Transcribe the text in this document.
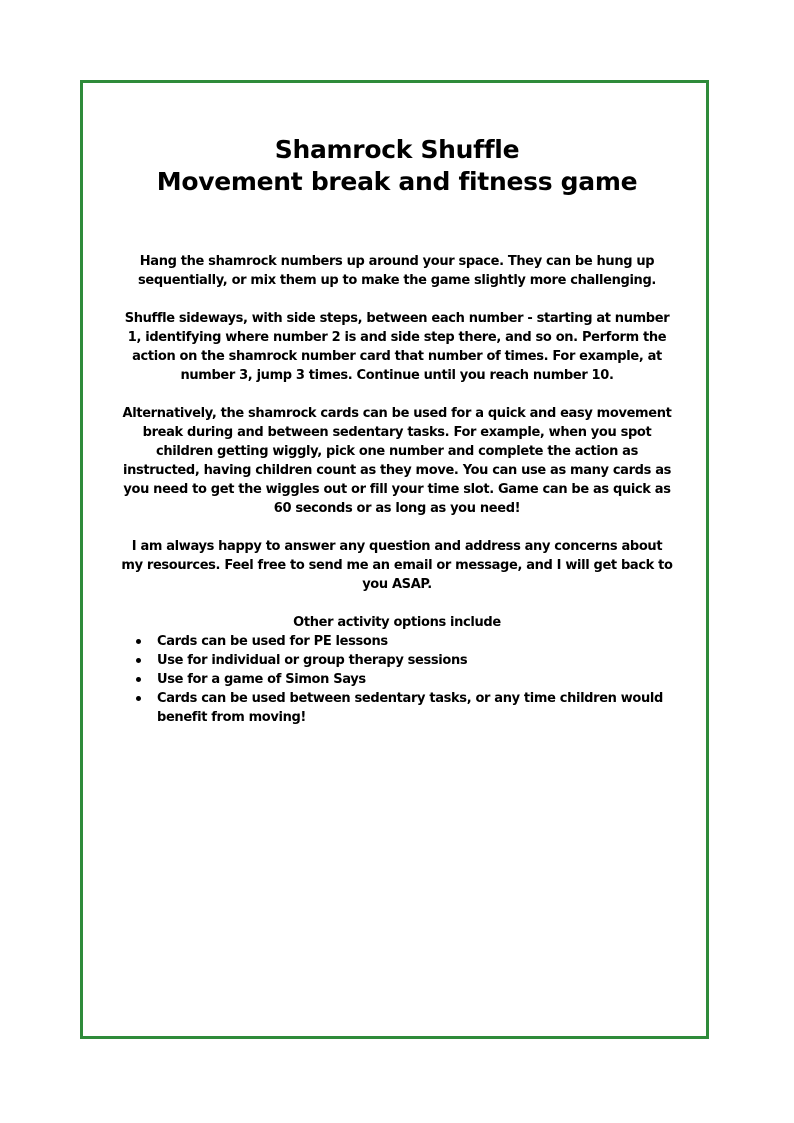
Shamrock Shuffle
Movement break and fitness game

Hang the shamrock numbers up around your space. They can be hung up sequentially, or mix them up to make the game slightly more challenging.

Shuffle sideways, with side steps, between each number - starting at number 1, identifying where number 2 is and side step there, and so on. Perform the action on the shamrock number card that number of times. For example, at number 3, jump 3 times. Continue until you reach number 10.

Alternatively, the shamrock cards can be used for a quick and easy movement break during and between sedentary tasks. For example, when you spot children getting wiggly, pick one number and complete the action as instructed, having children count as they move. You can use as many cards as you need to get the wiggles out or fill your time slot. Game can be as quick as 60 seconds or as long as you need!

I am always happy to answer any question and address any concerns about my resources. Feel free to send me an email or message, and I will get back to you ASAP.

Other activity options include

Cards can be used for PE lessons
Use for individual or group therapy sessions
Use for a game of Simon Says
Cards can be used between sedentary tasks, or any time children would benefit from moving!
